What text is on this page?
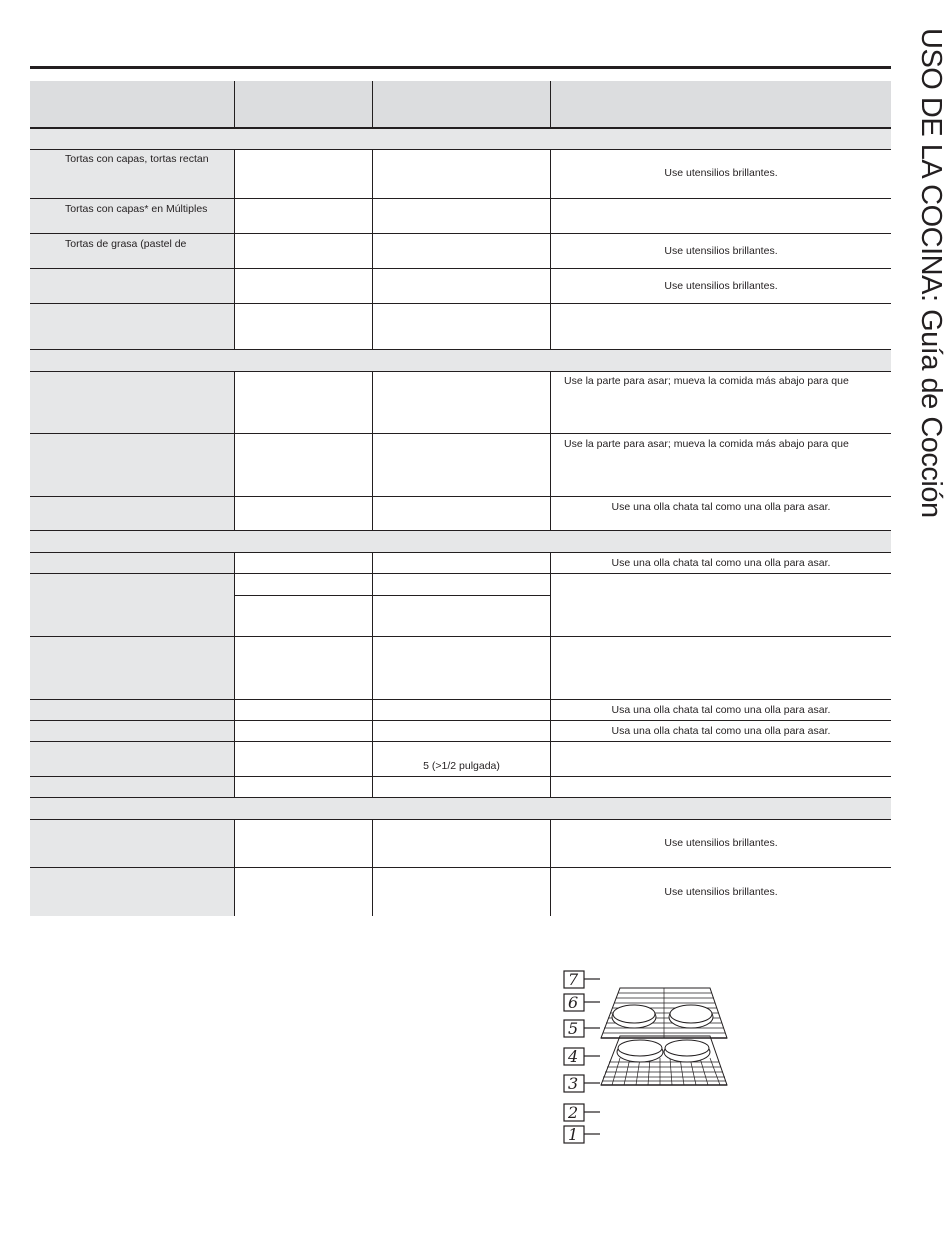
USO DE LA COCINA: Guía de Cocción
Tortas con capas, tortas rectan
Use utensilios brillantes.
Tortas con capas* en Múltiples
Tortas de grasa (pastel de
Use utensilios brillantes.
Use utensilios brillantes.
Use la parte para asar; mueva la comida más abajo para que
Use la parte para asar; mueva la comida más abajo para que
Use una olla chata tal como una olla para asar.
Use una olla chata tal como una olla para asar.
Usa una olla chata tal como una olla para asar.
Usa una olla chata tal como una olla para asar.
5 (>1/2 pulgada)
Use utensilios brillantes.
Use utensilios brillantes.
7
6
5
4
3
2
1
